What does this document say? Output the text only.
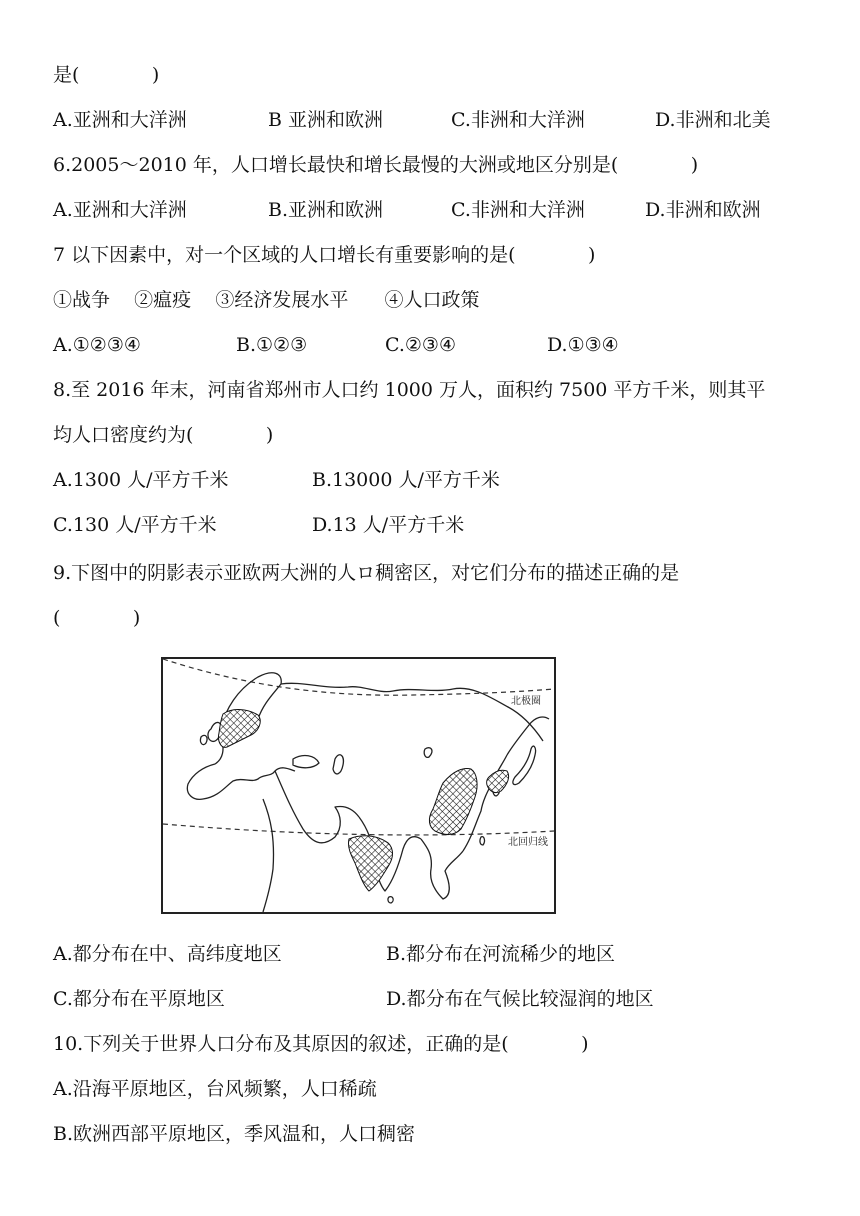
是(            )
A.亚洲和大洋洲	B 亚洲和欧洲	C.非洲和大洋洲	D.非洲和北美
6.2005～2010 年，人口增长最快和增长最慢的大洲或地区分别是(            )
A.亚洲和大洋洲	B.亚洲和欧洲	C.非洲和大洋洲	D.非洲和欧洲
7 以下因素中，对一个区域的人口增长有重要影响的是(            )
①战争    ②瘟疫    ③经济发展水平      ④人口政策
A.①②③④	B.①②③	C.②③④	D.①③④
8.至 2016 年末，河南省郑州市人口约 1000 万人，面积约 7500 平方千米，则其平
均人口密度约为(            )
A.1300 人/平方千米	B.13000 人/平方千米
C.130 人/平方千米	D.13 人/平方千米
9.下图中的阴影表示亚欧两大洲的人ロ稠密区，对它们分布的描述正确的是
(            )
北极圈
北回归线
A.都分布在中、高纬度地区	B.都分布在河流稀少的地区
C.都分布在平原地区	D.都分布在气候比较湿润的地区
10.下列关于世界人口分布及其原因的叙述，正确的是(            )
A.沿海平原地区，台风频繁，人口稀疏
B.欧洲西部平原地区，季风温和，人口稠密
